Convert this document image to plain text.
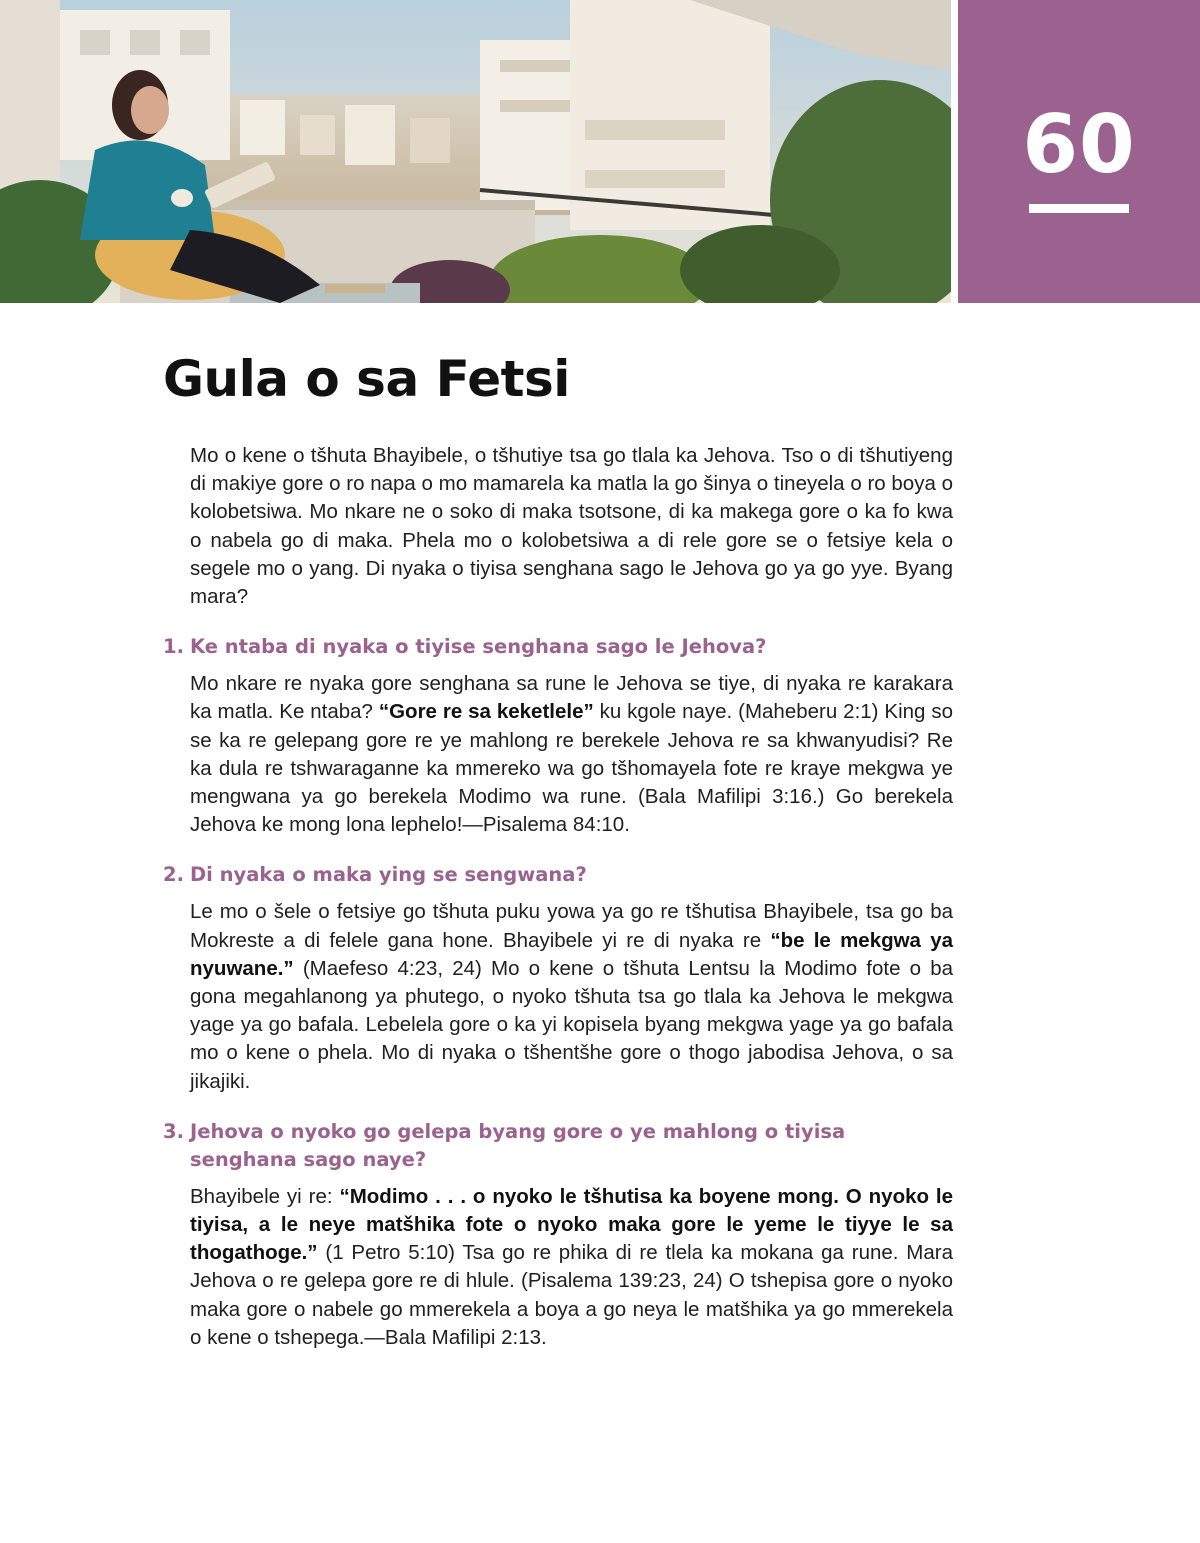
60
Gula o sa Fetsi

Mo o kene o tšhuta Bhayibele, o tšhutiye tsa go tlala ka Jehova. Tso o di tšhutiyeng di makiye gore o ro napa o mo mamarela ka matla la go šinya o tineyela o ro boya o kolobetsiwa. Mo nkare ne o soko di maka tsotsone, di ka makega gore o ka fo kwa o nabela go di maka. Phela mo o kolobetsiwa a di rele gore se o fetsiye kela o segele mo o yang. Di nyaka o tiyisa senghana sago le Jehova go ya go yye. Byang mara?

1. Ke ntaba di nyaka o tiyise senghana sago le Jehova?

Mo nkare re nyaka gore senghana sa rune le Jehova se tiye, di nyaka re karakara ka matla. Ke ntaba? “Gore re sa keketlele” ku kgole naye. (Maheberu 2:1) King so se ka re gelepang gore re ye mahlong re berekele Jehova re sa khwanyudisi? Re ka dula re tshwaraganne ka mmereko wa go tšhomayela fote re kraye mekgwa ye mengwana ya go berekela Modimo wa rune. (Bala Mafilipi 3:16.) Go berekela Jehova ke mong lona lephelo!—Pisalema 84:10.

2. Di nyaka o maka ying se sengwana?

Le mo o šele o fetsiye go tšhuta puku yowa ya go re tšhutisa Bhayibele, tsa go ba Mokreste a di felele gana hone. Bhayibele yi re di nyaka re “be le mekgwa ya nyuwane.” (Maefeso 4:23, 24) Mo o kene o tšhuta Lentsu la Modimo fote o ba gona megahlanong ya phutego, o nyoko tšhuta tsa go tlala ka Jehova le mekgwa yage ya go bafala. Lebelela gore o ka yi kopisela byang mekgwa yage ya go bafala mo o kene o phela. Mo di nyaka o tšhentšhe gore o thogo jabodisa Jehova, o sa jikajiki.

3. Jehova o nyoko go gelepa byang gore o ye mahlong o tiyisa senghana sago naye?

Bhayibele yi re: “Modimo . . . o nyoko le tšhutisa ka boyene mong. O nyoko le tiyisa, a le neye matšhika fote o nyoko maka gore le yeme le tiyye le sa thogathoge.” (1 Petro 5:10) Tsa go re phika di re tlela ka mokana ga rune. Mara Jehova o re gelepa gore re di hlule. (Pisalema 139:23, 24) O tshepisa gore o nyoko maka gore o nabele go mmerekela a boya a go neya le matšhika ya go mmerekela o kene o tshepega.—Bala Mafilipi 2:13.
